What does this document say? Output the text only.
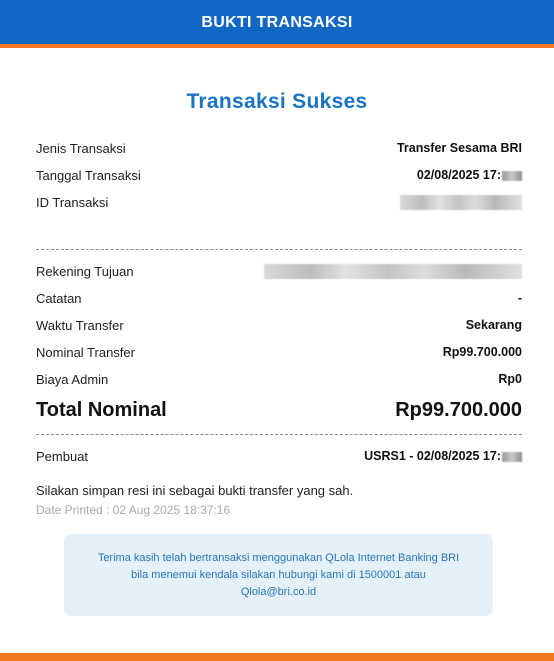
BUKTI TRANSAKSI
Transaksi Sukses
Jenis Transaksi	Transfer Sesama BRI
Tanggal Transaksi	02/08/2025 17:
ID Transaksi
Rekening Tujuan
Catatan	-
Waktu Transfer	Sekarang
Nominal Transfer	Rp99.700.000
Biaya Admin	Rp0
Total Nominal	Rp99.700.000
Pembuat	USRS1 - 02/08/2025 17:
Silakan simpan resi ini sebagai bukti transfer yang sah.
Date Printed : 02 Aug 2025 18:37:16
Terima kasih telah bertransaksi menggunakan QLola Internet Banking BRI
bila menemui kendala silakan hubungi kami di 1500001 atau
Qlola@bri.co.id
